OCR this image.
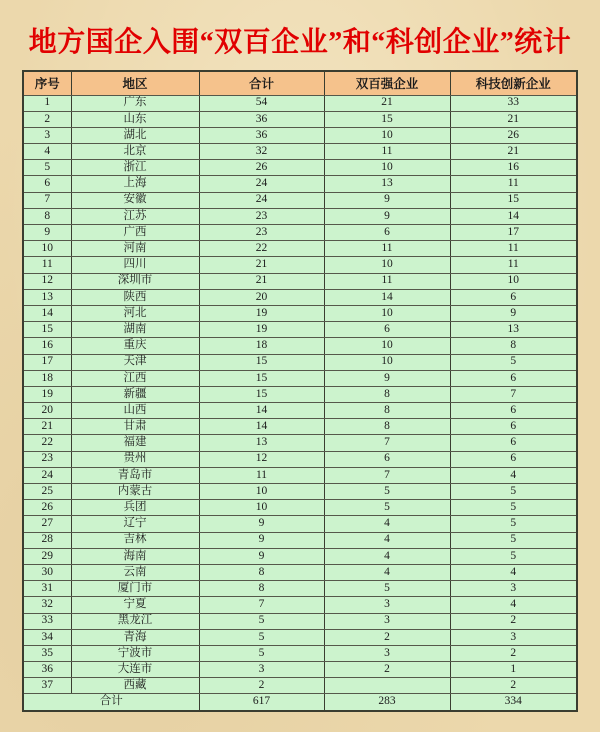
地方国企入围“双百企业”和“科创企业”统计
序号	地区	合计	双百强企业	科技创新企业
1	广东	54	21	33
2	山东	36	15	21
3	湖北	36	10	26
4	北京	32	11	21
5	浙江	26	10	16
6	上海	24	13	11
7	安徽	24	9	15
8	江苏	23	9	14
9	广西	23	6	17
10	河南	22	11	11
11	四川	21	10	11
12	深圳市	21	11	10
13	陕西	20	14	6
14	河北	19	10	9
15	湖南	19	6	13
16	重庆	18	10	8
17	天津	15	10	5
18	江西	15	9	6
19	新疆	15	8	7
20	山西	14	8	6
21	甘肃	14	8	6
22	福建	13	7	6
23	贵州	12	6	6
24	青岛市	11	7	4
25	内蒙古	10	5	5
26	兵团	10	5	5
27	辽宁	9	4	5
28	吉林	9	4	5
29	海南	9	4	5
30	云南	8	4	4
31	厦门市	8	5	3
32	宁夏	7	3	4
33	黑龙江	5	3	2
34	青海	5	2	3
35	宁波市	5	3	2
36	大连市	3	2	1
37	西藏	2		2
合计		617	283	334
